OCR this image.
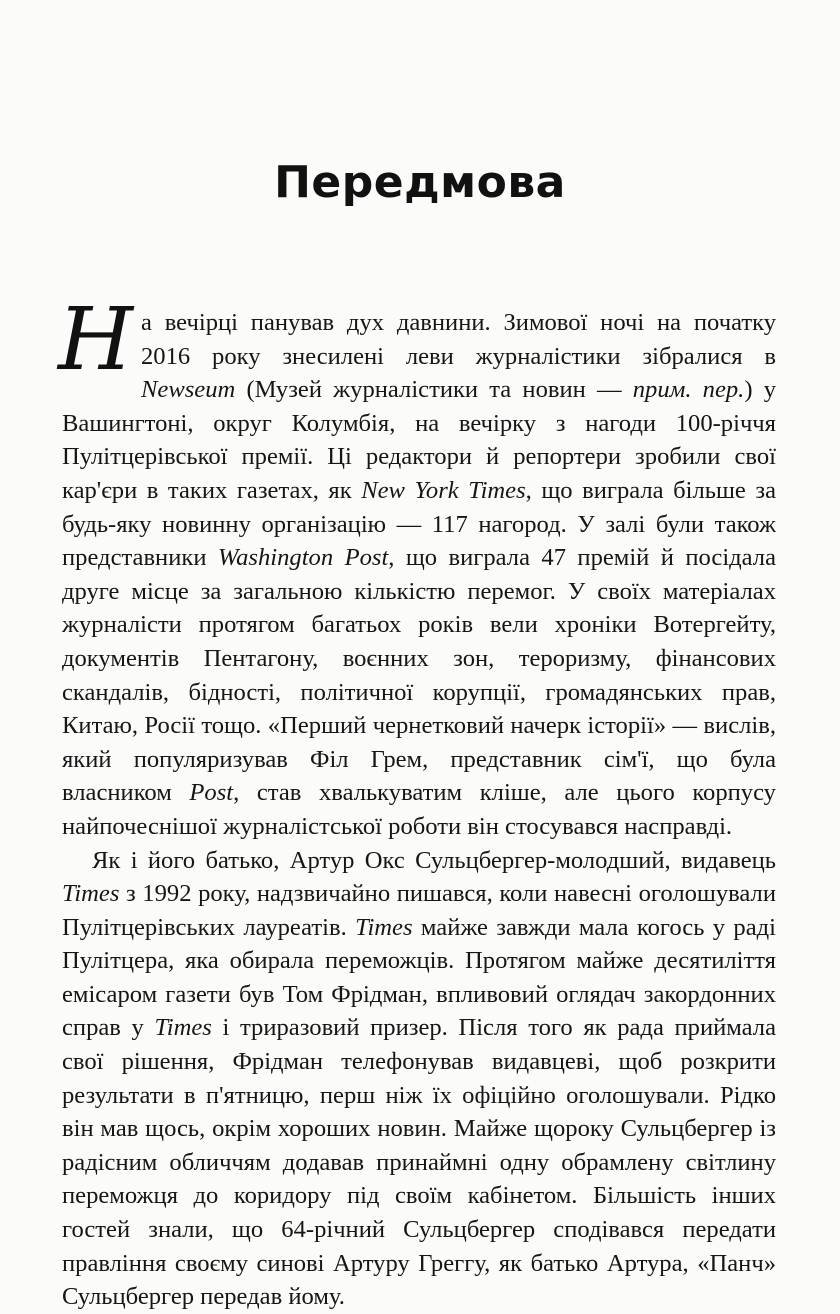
Передмова

На вечірці панував дух давнини. Зимової ночі на початку 2016 року знесилені леви журналістики зібралися в Newseum (Музей журналістики та новин — прим. пер.) у Вашингтоні, округ Колумбія, на вечірку з нагоди 100-річчя Пулітцерівської премії. Ці редактори й репортери зробили свої кар'єри в таких газетах, як New York Times, що виграла більше за будь-яку новинну організацію — 117 нагород. У залі були також представники Washington Post, що виграла 47 премій й посідала друге місце за загальною кількістю перемог. У своїх матеріалах журналісти протягом багатьох років вели хроніки Вотергейту, документів Пентагону, воєнних зон, тероризму, фінансових скандалів, бідності, політичної корупції, громадянських прав, Китаю, Росії тощо. «Перший чернетковий начерк історії» — вислів, який популяризував Філ Грем, представник сім'ї, що була власником Post, став хвалькуватим кліше, але цього корпусу найпочеснішої журналістської роботи він стосувався насправді.

Як і його батько, Артур Окс Сульцбергер-молодший, видавець Times з 1992 року, надзвичайно пишався, коли навесні оголошували Пулітцерівських лауреатів. Times майже завжди мала когось у раді Пулітцера, яка обирала переможців. Протягом майже десятиліття емісаром газети був Том Фрідман, впливовий оглядач закордонних справ у Times і триразовий призер. Після того як рада приймала свої рішення, Фрідман телефонував видавцеві, щоб розкрити результати в п'ятницю, перш ніж їх офіційно оголошували. Рідко він мав щось, окрім хороших новин. Майже щороку Сульцбергер із радісним обличчям додавав принаймні одну обрамлену світлину переможця до коридору під своїм кабінетом. Більшість інших гостей знали, що 64-річний Сульцбергер сподівався передати правління своєму синові Артуру Греггу, як батько Артура, «Панч» Сульцбергер передав йому.
